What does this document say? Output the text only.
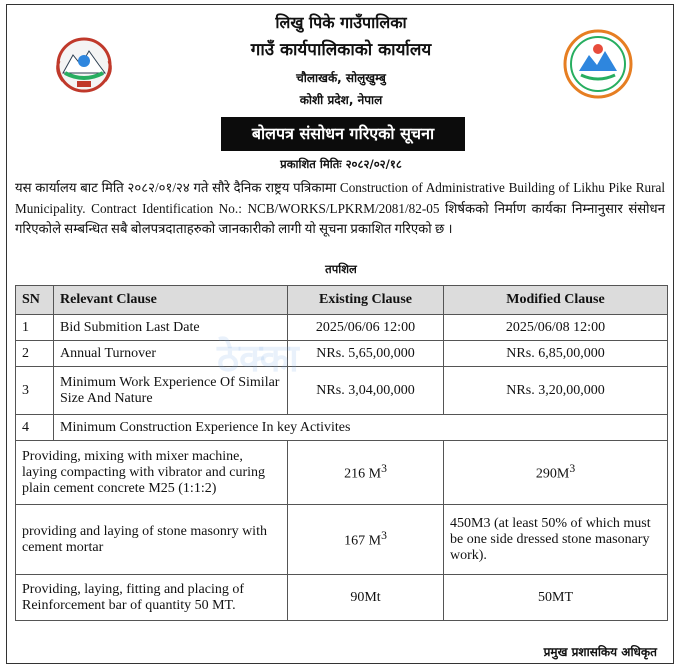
लिखु पिके गाउँपालिका
गाउँ कार्यपालिकाको कार्यालय
चौलाखर्क, सोलुखुम्बु
कोशी प्रदेश, नेपाल
बोलपत्र संसोधन गरिएको सूचना
प्रकाशित मितिः २०८२/०२/१८

यस कार्यालय बाट मिति २०८२/०१/२४ गते सौरे दैनिक राष्ट्रय पत्रिकामा Construction of Administrative Building of Likhu Pike Rural Municipality. Contract Identification No.: NCB/WORKS/LPKRM/2081/82-05 शिर्षकको निर्माण कार्यका निम्नानुसार संसोधन गरिएकोले सम्बन्धित सबै बोलपत्रदाताहरुको जानकारीको लागी यो सूचना प्रकाशित गरिएको छ ।

तपशिल
SN	Relevant Clause	Existing Clause	Modified Clause
1	Bid Submition Last Date	2025/06/06 12:00	2025/06/08 12:00
2	Annual Turnover	NRs. 5,65,00,000	NRs. 6,85,00,000
3	Minimum Work Experience Of Similar Size And Nature	NRs. 3,04,00,000	NRs. 3,20,00,000
4	Minimum Construction Experience In key Activites		
Providing, mixing with mixer machine, laying compacting with vibrator and curing plain cement concrete M25 (1:1:2)		216 $M^3$	$290M^3$
providing and laying of stone masonry with cement mortar		167 $M^3$	450M3 (at least 50% of which must be one side dressed stone masonary work).
Providing, laying, fitting and placing of Reinforcement bar of quantity 50 MT.		90Mt	50MT
ठेक्का
प्रमुख प्रशासकिय अधिकृत
